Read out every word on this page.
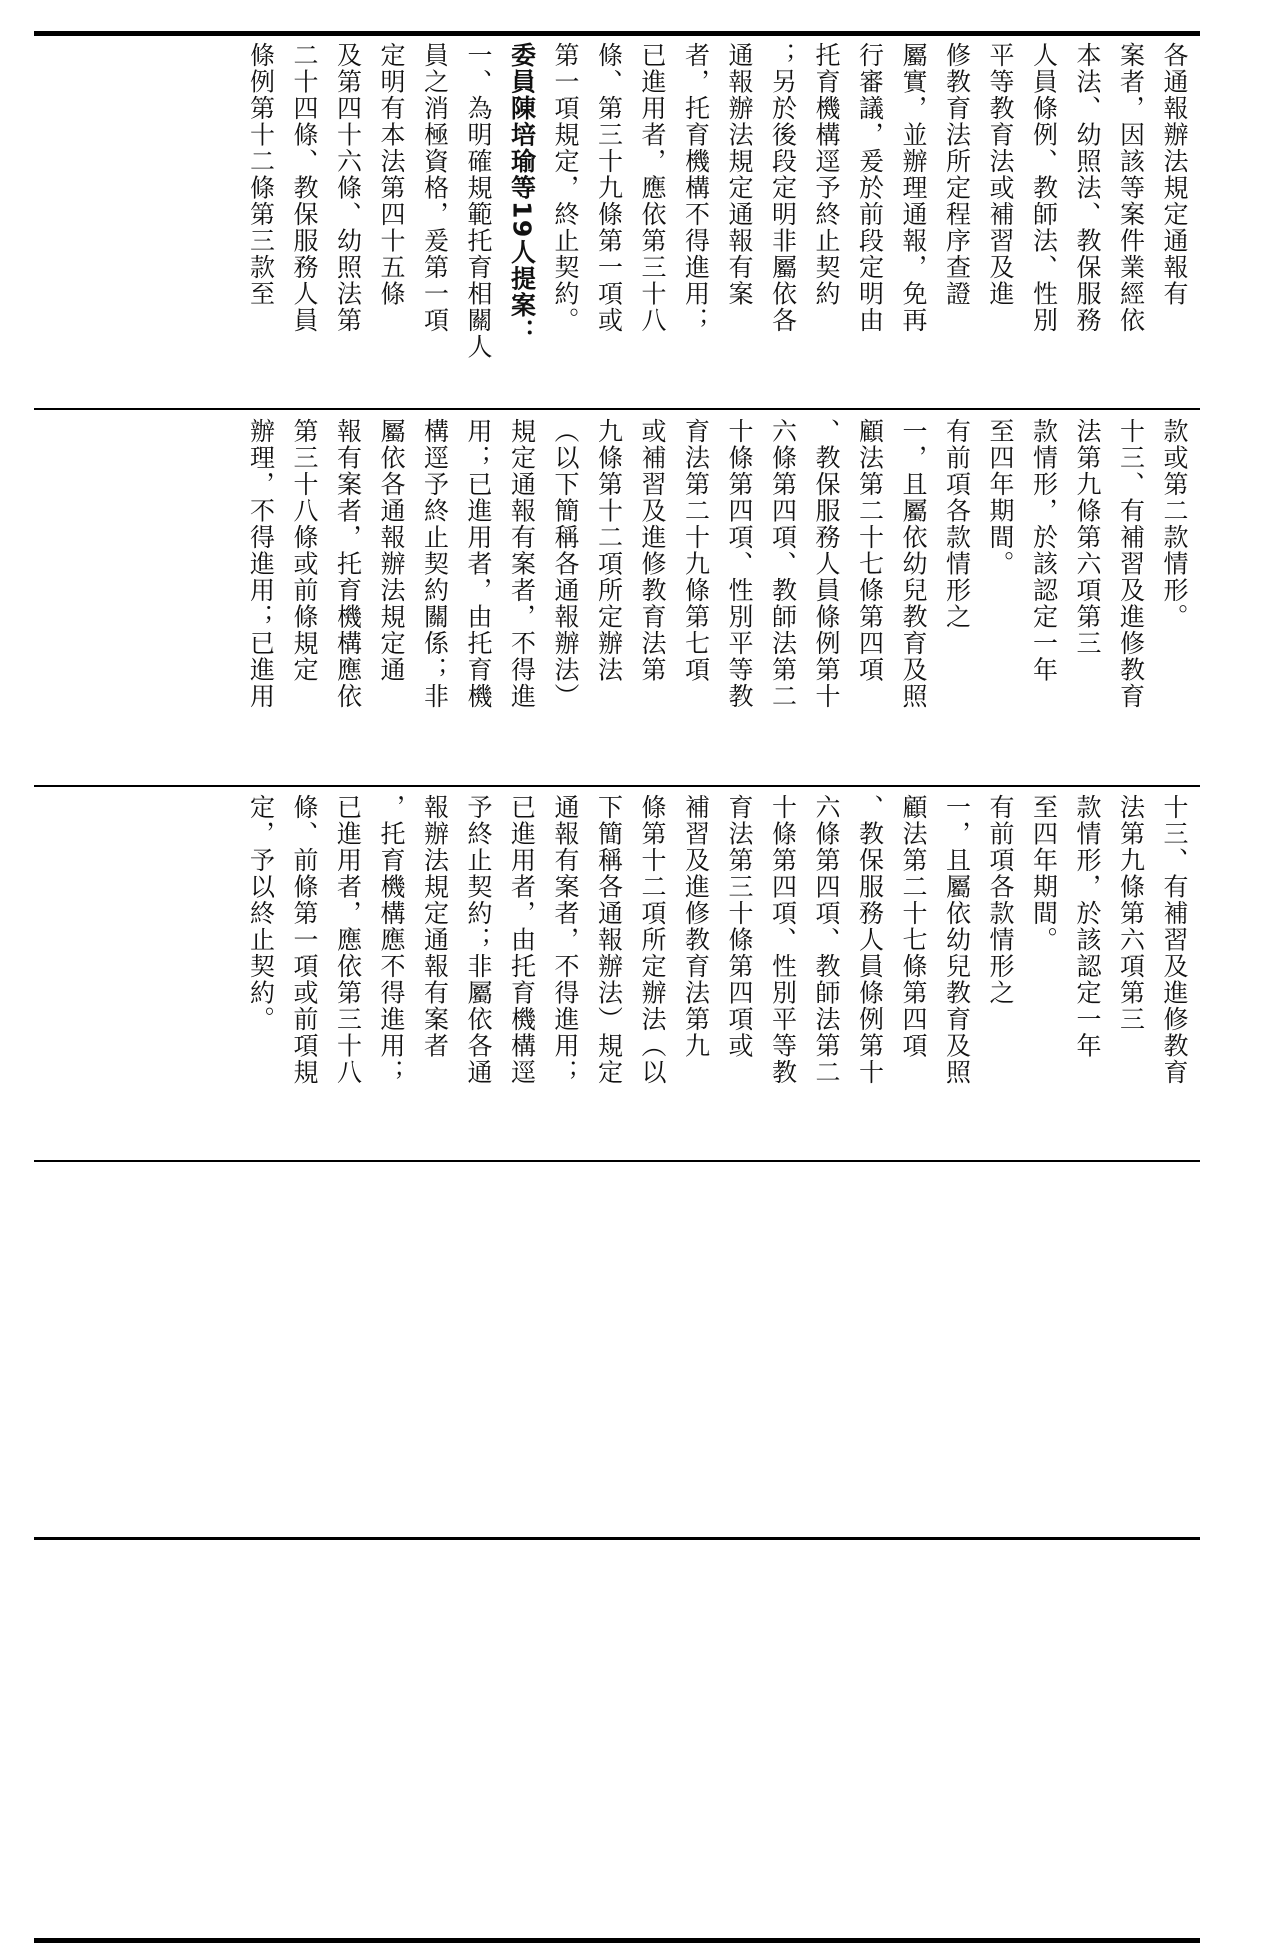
各通報辦法規定通報有
案者，因該等案件業經依
本法、幼照法、教保服務
人員條例、教師法、性別
平等教育法或補習及進
修教育法所定程序查證
屬實，並辦理通報，免再
行審議，爰於前段定明由
托育機構逕予終止契約
；另於後段定明非屬依各
通報辦法規定通報有案
者，托育機構不得進用；
已進用者，應依第三十八
條、第三十九條第一項或
第一項規定，終止契約。
委員陳培瑜等19人提案：
一、為明確規範托育相關人
員之消極資格，爰第一項
定明有本法第四十五條
及第四十六條、幼照法第
二十四條、教保服務人員
條例第十二條第三款至
款或第二款情形。
十三、有補習及進修教育
法第九條第六項第三
款情形，於該認定一年
至四年期間。
有前項各款情形之
一，且屬依幼兒教育及照
顧法第二十七條第四項
、教保服務人員條例第十
六條第四項、教師法第二
十條第四項、性別平等教
育法第二十九條第七項
或補習及進修教育法第
九條第十二項所定辦法
（以下簡稱各通報辦法）
規定通報有案者，不得進
用；已進用者，由托育機
構逕予終止契約關係；非
屬依各通報辦法規定通
報有案者，托育機構應依
第三十八條或前條規定
辦理，不得進用；已進用
十三、有補習及進修教育
法第九條第六項第三
款情形，於該認定一年
至四年期間。
有前項各款情形之
一，且屬依幼兒教育及照
顧法第二十七條第四項
、教保服務人員條例第十
六條第四項、教師法第二
十條第四項、性別平等教
育法第三十條第四項或
補習及進修教育法第九
條第十二項所定辦法（以
下簡稱各通報辦法）規定
通報有案者，不得進用；
已進用者，由托育機構逕
予終止契約；非屬依各通
報辦法規定通報有案者
，托育機構應不得進用；
已進用者，應依第三十八
條、前條第一項或前項規
定，予以終止契約。
